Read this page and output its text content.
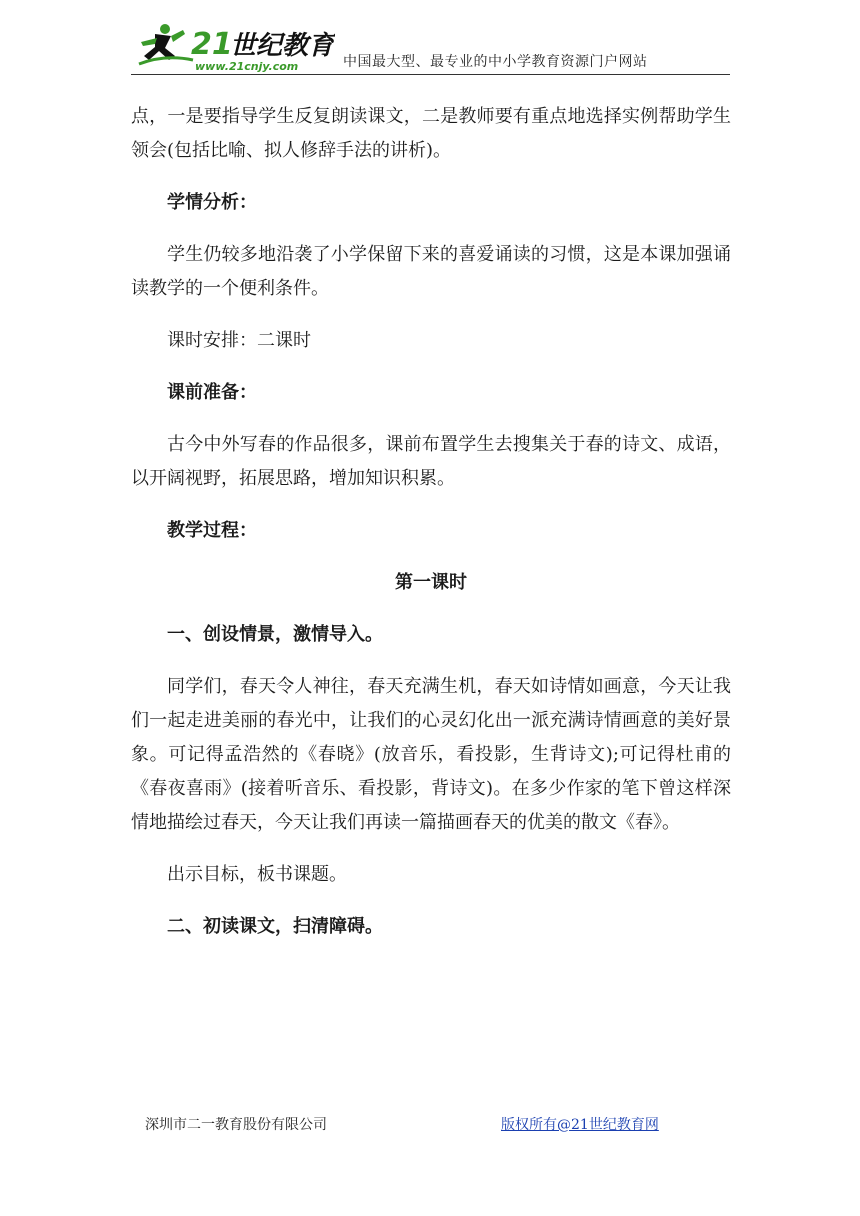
21
世纪教育
www.21cnjy.com	中国最大型、最专业的中小学教育资源门户网站

点，一是要指导学生反复朗读课文，二是教师要有重点地选择实例帮助学生领会(包括比喻、拟人修辞手法的讲析)。

学情分析：

学生仍较多地沿袭了小学保留下来的喜爱诵读的习惯，这是本课加强诵读教学的一个便利条件。

课时安排：二课时

课前准备：

古今中外写春的作品很多，课前布置学生去搜集关于春的诗文、成语，以开阔视野，拓展思路，增加知识积累。

教学过程：

第一课时

一、创设情景，激情导入。

同学们，春天令人神往，春天充满生机，春天如诗情如画意，今天让我们一起走进美丽的春光中，让我们的心灵幻化出一派充满诗情画意的美好景象。可记得孟浩然的《春晓》(放音乐，看投影，生背诗文);可记得杜甫的《春夜喜雨》(接着听音乐、看投影，背诗文)。在多少作家的笔下曾这样深情地描绘过春天，今天让我们再读一篇描画春天的优美的散文《春》。

出示目标，板书课题。

二、初读课文，扫清障碍。

深圳市二一教育股份有限公司	版权所有@21世纪教育网
